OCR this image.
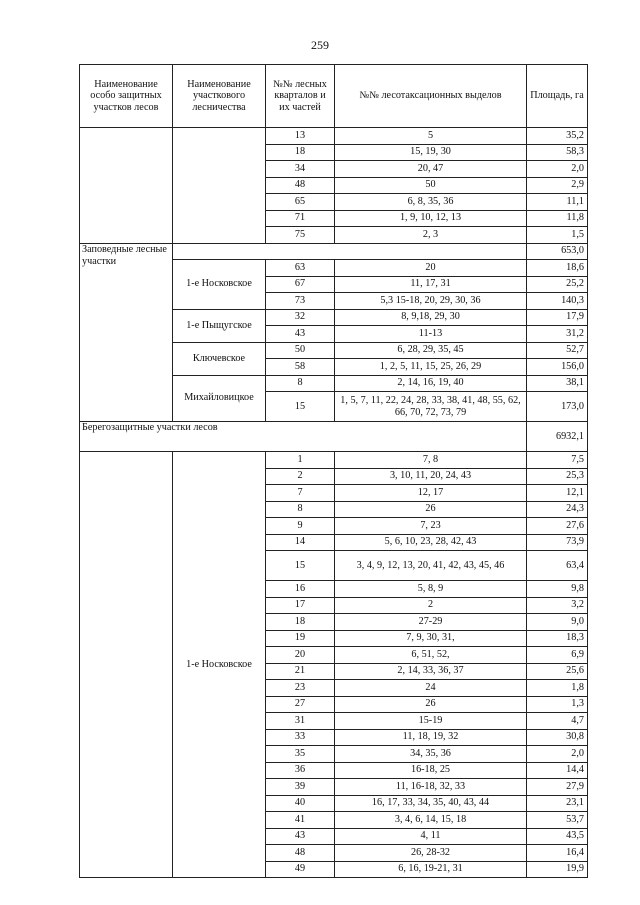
259
Наименование особо защитных участков лесов	Наименование участкового лесничества	№№ лесных кварталов и их частей	№№ лесотаксационных выделов	Площадь, га
		13	5	35,2
		18	15, 19, 30	58,3
		34	20, 47	2,0
		48	50	2,9
		65	6, 8, 35, 36	11,1
		71	1, 9, 10, 12, 13	11,8
		75	2, 3	1,5
Заповедные лесные участки				653,0
	1-е Носковское	63	20	18,6
		67	11, 17, 31	25,2
		73	5,3 15-18, 20, 29, 30, 36	140,3
	1-е Пыщугское	32	8, 9,18, 29, 30	17,9
		43	11-13	31,2
	Ключевское	50	6, 28, 29, 35, 45	52,7
		58	1, 2, 5, 11, 15, 25, 26, 29	156,0
	Михайловицкое	8	2, 14, 16, 19, 40	38,1
		15	1, 5, 7, 11, 22, 24, 28, 33, 38, 41, 48, 55, 62, 66, 70, 72, 73, 79	173,0
Берегозащитные участки лесов				6932,1
	1-е Носковское	1	7, 8	7,5
		2	3, 10, 11, 20, 24, 43	25,3
		7	12, 17	12,1
		8	26	24,3
		9	7, 23	27,6
		14	5, 6, 10, 23, 28, 42, 43	73,9
		15	3, 4, 9, 12, 13, 20, 41, 42, 43, 45, 46	63,4
		16	5, 8, 9	9,8
		17	2	3,2
		18	27-29	9,0
		19	7, 9, 30, 31,	18,3
		20	6, 51, 52,	6,9
		21	2, 14, 33, 36, 37	25,6
		23	24	1,8
		27	26	1,3
		31	15-19	4,7
		33	11, 18, 19, 32	30,8
		35	34, 35, 36	2,0
		36	16-18, 25	14,4
		39	11, 16-18, 32, 33	27,9
		40	16, 17, 33, 34, 35, 40, 43, 44	23,1
		41	3, 4, 6, 14, 15, 18	53,7
		43	4, 11	43,5
		48	26, 28-32	16,4
		49	6, 16, 19-21, 31	19,9
